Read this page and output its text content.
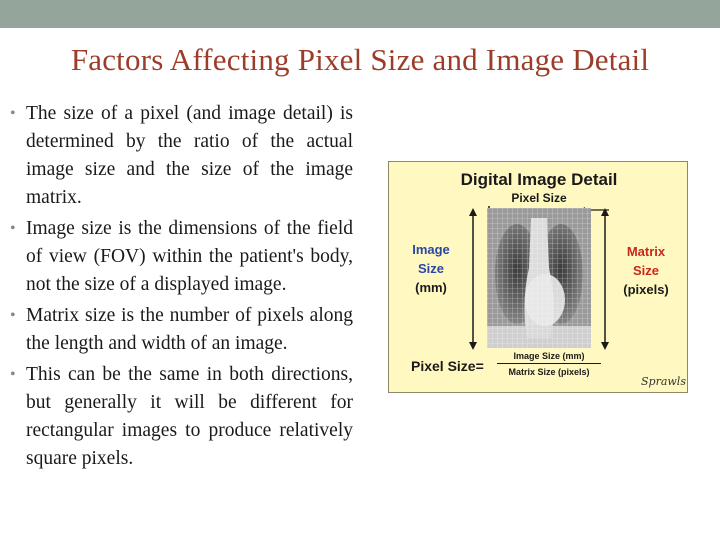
Factors Affecting Pixel Size and Image Detail
• The size of a pixel (and image detail) is determined by the ratio of the actual image size and the size of the image matrix.
• Image size is the dimensions of the field of view (FOV) within the patient's body, not the size of a displayed image.
• Matrix size is the number of pixels along the length and width of an image.
• This can be the same in both directions, but generally it will be different for rectangular images to produce relatively square pixels.
Digital Image Detail
Pixel Size
Image
Size
(mm)
Matrix
Size
(pixels)
Pixel Size=
Image Size (mm)
Matrix Size (pixels)
Sprawls
